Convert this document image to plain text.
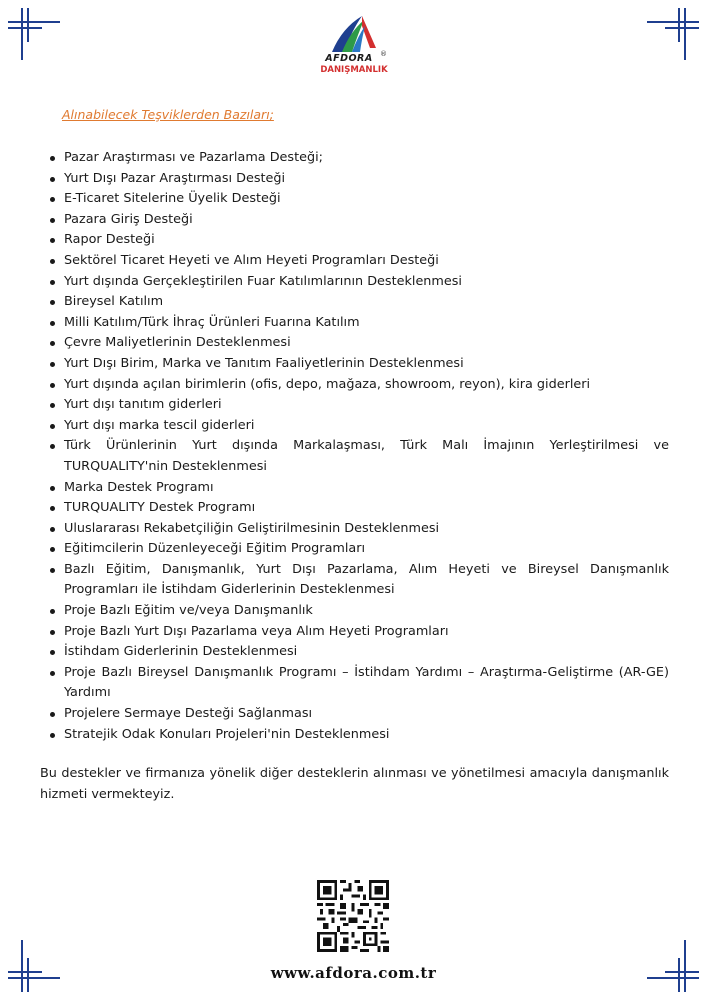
AFDORA	®
DANIŞMANLIK
Alınabilecek Teşviklerden Bazıları;
Pazar Araştırması ve Pazarlama Desteği;
Yurt Dışı Pazar Araştırması Desteği
E-Ticaret Sitelerine Üyelik Desteği
Pazara Giriş Desteği
Rapor Desteği
Sektörel Ticaret Heyeti ve Alım Heyeti Programları Desteği
Yurt dışında Gerçekleştirilen Fuar Katılımlarının Desteklenmesi
Bireysel Katılım
Milli Katılım/Türk İhraç Ürünleri Fuarına Katılım
Çevre Maliyetlerinin Desteklenmesi
Yurt Dışı Birim, Marka ve Tanıtım Faaliyetlerinin Desteklenmesi
Yurt dışında açılan birimlerin (ofis, depo, mağaza, showroom, reyon), kira giderleri
Yurt dışı tanıtım giderleri
Yurt dışı marka tescil giderleri
Türk Ürünlerinin Yurt dışında Markalaşması, Türk Malı İmajının Yerleştirilmesi ve TURQUALITY'nin Desteklenmesi
Marka Destek Programı
TURQUALITY Destek Programı
Uluslararası Rekabetçiliğin Geliştirilmesinin Desteklenmesi
Eğitimcilerin Düzenleyeceği Eğitim Programları
Bazlı Eğitim, Danışmanlık, Yurt Dışı Pazarlama, Alım Heyeti ve Bireysel Danışmanlık Programları ile İstihdam Giderlerinin Desteklenmesi
Proje Bazlı Eğitim ve/veya Danışmanlık
Proje Bazlı Yurt Dışı Pazarlama veya Alım Heyeti Programları
İstihdam Giderlerinin Desteklenmesi
Proje Bazlı Bireysel Danışmanlık Programı – İstihdam Yardımı – Araştırma-Geliştirme (AR-GE) Yardımı
Projelere Sermaye Desteği Sağlanması
Stratejik Odak Konuları Projeleri'nin Desteklenmesi

Bu destekler ve firmanıza yönelik diğer desteklerin alınması ve yönetilmesi amacıyla danışmanlık hizmeti vermekteyiz.

www.afdora.com.tr
